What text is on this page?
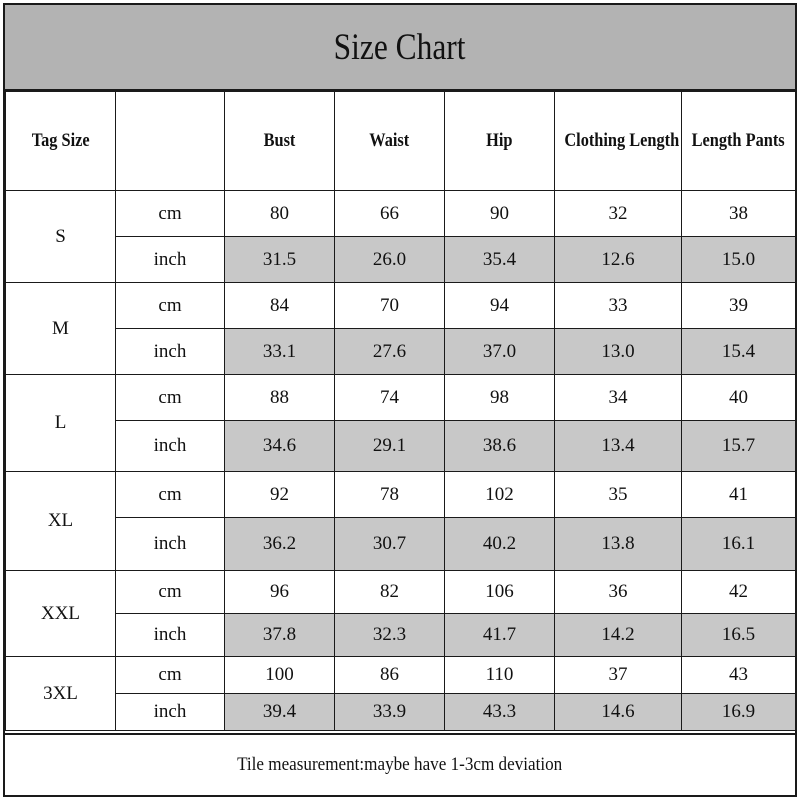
Size Chart
Tag Size		Bust	Waist	Hip	Clothing Length	Length Pants
S	cm	80	66	90	32	38
	inch	31.5	26.0	35.4	12.6	15.0
M	cm	84	70	94	33	39
	inch	33.1	27.6	37.0	13.0	15.4
L	cm	88	74	98	34	40
	inch	34.6	29.1	38.6	13.4	15.7
XL	cm	92	78	102	35	41
	inch	36.2	30.7	40.2	13.8	16.1
XXL	cm	96	82	106	36	42
	inch	37.8	32.3	41.7	14.2	16.5
3XL	cm	100	86	110	37	43
	inch	39.4	33.9	43.3	14.6	16.9
Tile measurement:maybe have 1-3cm deviation
